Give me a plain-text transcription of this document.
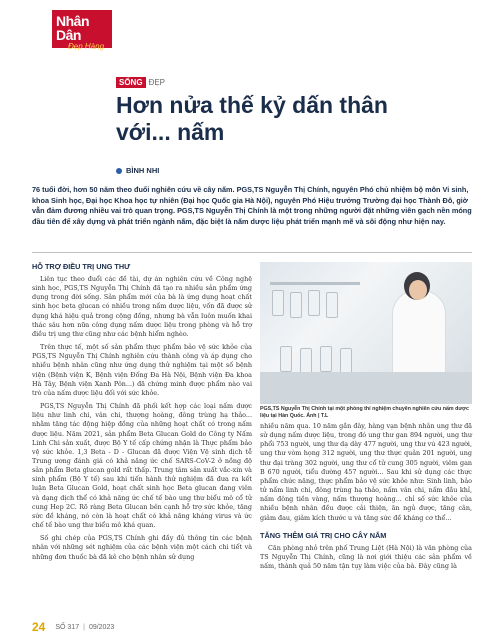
Nhân Dân
Đẹp Hàng
SỐNG ĐẸP
Hơn nửa thế kỷ dấn thân với... nấm
BÌNH NHI

76 tuổi đời, hơn 50 năm theo đuổi nghiên cứu về cây nấm. PGS,TS Nguyễn Thị Chính, nguyên Phó chủ nhiệm bộ môn Vi sinh, khoa Sinh học, Đại học Khoa học tự nhiên (Đại học Quốc gia Hà Nội), nguyên Phó Hiệu trưởng Trường đại học Thành Đô, giờ vẫn đảm đương nhiều vai trò quan trọng. PGS,TS Nguyễn Thị Chính là một trong những người đặt những viên gạch nền móng đầu tiên để xây dựng và phát triển ngành nấm, đặc biệt là nấm dược liệu phát triển mạnh mẽ và sôi động như hiện nay.

HỖ TRỢ ĐIỀU TRỊ UNG THƯ

Liên tục theo đuổi các đề tài, dự án nghiên cứu về Công nghệ sinh học, PGS,TS Nguyễn Thị Chính đã tạo ra nhiều sản phẩm ứng dụng trong đời sống. Sản phẩm mới của bà là ứng dụng hoạt chất sinh học beta glucan có nhiều trong nấm dược liệu, vốn đã được sử dụng khá hiệu quả trong cộng đồng, nhưng bà vẫn luôn muốn khai thác sâu hơn nữa công dụng nấm dược liệu trong phòng và hỗ trợ điều trị ung thư cũng như các bệnh hiểm nghèo.

Trên thực tế, một số sản phẩm thực phẩm bảo vệ sức khỏe của PGS,TS Nguyễn Thị Chính nghiên cứu thành công và áp dụng cho nhiều bệnh nhân cũng như ứng dụng thử nghiệm tại một số bệnh viện (Bệnh viện K, Bệnh viện Đống Đa Hà Nội, Bệnh viện Đa khoa Hà Tây, Bệnh viện Xanh Pôn...) đã chứng minh được phẩm nào vai trò của nấm dược liệu đối với sức khỏe.

PGS,TS Nguyễn Thị Chính đã phối kết hợp các loại nấm dược liệu như linh chi, vân chi, thượng hoàng, đông trùng hạ thảo... nhằm tăng tác động hiệp đồng của những hoạt chất có trong nấm dược liệu. Năm 2021, sản phẩm Beta Glucan Gold do Công ty Nấm Linh Chi sản xuất, được Bộ Y tế cấp chứng nhận là Thực phẩm bảo vệ sức khỏe. 1,3 Beta - D - Glucan đã được Viện Vệ sinh dịch tễ Trung ương đánh giá có khả năng ức chế SARS-CoV-2 ở nồng độ sản phẩm Beta glucan gold rất thấp. Trung tâm sản xuất vắc-xin và sinh phẩm (Bộ Y tế) sau khi tiến hành thử nghiệm đã đưa ra kết luận Beta Glucan Gold, hoạt chất sinh học Beta glucan đang viên và dạng dịch thể có khả năng ức chế tế bào ung thư biểu mô cổ tử cung Hep 2C. Rõ ràng Beta Glucan bên cạnh hỗ trợ sức khỏe, tăng sức đề kháng, nó còn là hoạt chất có khả năng kháng virus và ức chế tế bào ung thư biểu mô khá quan.

Số ghi chép của PGS,TS Chính ghi đầy đủ thông tin các bệnh nhân với những sét nghiệm của các bệnh viện một cách chi tiết và những đơn thuốc bà đã kê cho bệnh nhân sử dụng

PGS,TS Nguyễn Thị Chính tại một phòng thí nghiệm chuyên nghiên cứu nấm dược liệu tại Hàn Quốc. Ảnh | T.L

nhiều năm qua. 10 năm gần đây, hàng vạn bệnh nhân ung thư đã sử dụng nấm dược liệu, trong đó ung thư gan 894 người, ung thư phổi 753 người, ung thư dạ dày 477 người, ung thư vú 423 người, ung thư vòm họng 312 người, ung thư thực quản 201 người, ung thư đại tràng 302 người, ung thư cổ tử cung 305 người, viêm gan B 670 người, tiểu đường 457 người... Sau khi sử dụng các thực phẩm chức năng, thực phẩm bảo vệ sức khỏe như: Sinh linh, bảo tử nấm linh chi, đông trùng hạ thảo, nấm vân chi, nấm đầu khỉ, nấm đông tiền vàng, nấm thượng hoàng... chỉ số sức khỏe của nhiều bệnh nhân đều được cải thiện, ăn ngủ được, tăng cân, giảm đau, giảm kích thước u và tăng sức đề kháng cơ thể...

TĂNG THÊM GIÁ TRỊ CHO CÂY NẤM

Căn phòng nhỏ trên phố Trung Liệt (Hà Nội) là văn phòng của TS Nguyễn Thị Chính, cũng là nơi giới thiệu các sản phẩm về nấm, thành quả 50 năm tận tụy làm việc của bà. Đây cũng là

24 SỐ 317 | 09/2023
